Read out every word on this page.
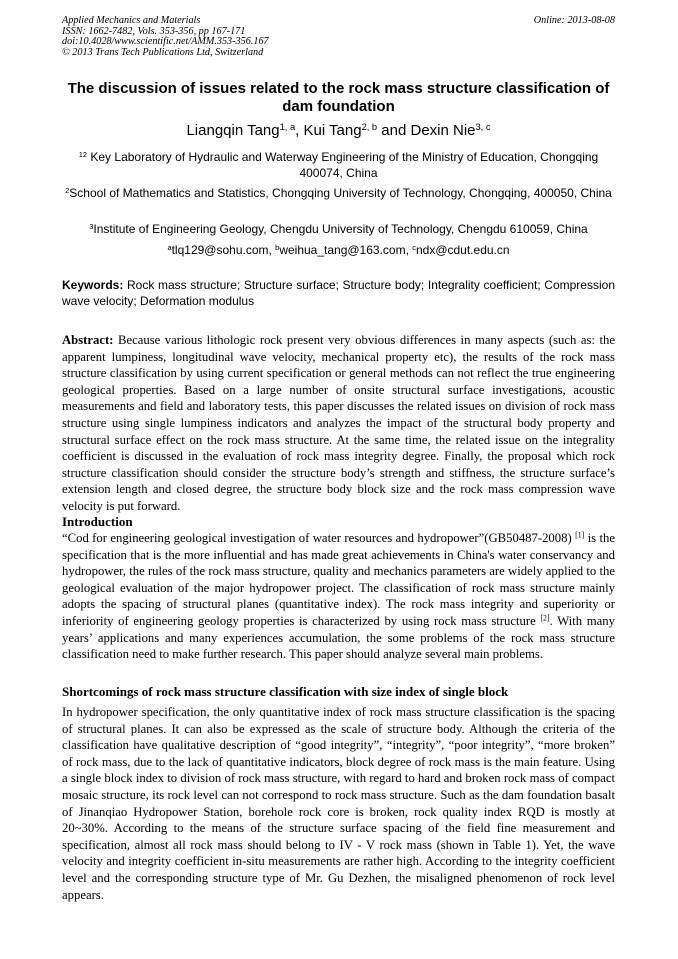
Applied Mechanics and Materials
ISSN: 1662-7482, Vols. 353-356, pp 167-171
doi:10.4028/www.scientific.net/AMM.353-356.167
© 2013 Trans Tech Publications Ltd, Switzerland
Online: 2013-08-08
The discussion of issues related to the rock mass structure classification of dam foundation
Liangqin Tang$^{1, a}$, Kui Tang$^{2, b}$ and Dexin Nie$^{3, c}$
$^{12}$ Key Laboratory of Hydraulic and Waterway Engineering of the Ministry of Education, Chongqing 400074, China
$^2$School of Mathematics and Statistics, Chongqing University of Technology, Chongqing, 400050, China
$^3$Institute of Engineering Geology, Chengdu University of Technology, Chengdu 610059, China
$^a$tlq129@sohu.com, $^b$weihua_tang@163.com, $^c$ndx@cdut.edu.cn
Keywords: Rock mass structure; Structure surface; Structure body; Integrality coefficient; Compression wave velocity; Deformation modulus
Abstract: Because various lithologic rock present very obvious differences in many aspects (such as: the apparent lumpiness, longitudinal wave velocity, mechanical property etc), the results of the rock mass structure classification by using current specification or general methods can not reflect the true engineering geological properties. Based on a large number of onsite structural surface investigations, acoustic measurements and field and laboratory tests, this paper discusses the related issues on division of rock mass structure using single lumpiness indicators and analyzes the impact of the structural body property and structural surface effect on the rock mass structure. At the same time, the related issue on the integrality coefficient is discussed in the evaluation of rock mass integrity degree. Finally, the proposal which rock structure classification should consider the structure body’s strength and stiffness, the structure surface’s extension length and closed degree, the structure body block size and the rock mass compression wave velocity is put forward.
Introduction
“Cod for engineering geological investigation of water resources and hydropower”(GB50487-2008) [1] is the specification that is the more influential and has made great achievements in China's water conservancy and hydropower, the rules of the rock mass structure, quality and mechanics parameters are widely applied to the geological evaluation of the major hydropower project. The classification of rock mass structure mainly adopts the spacing of structural planes (quantitative index). The rock mass integrity and superiority or inferiority of engineering geology properties is characterized by using rock mass structure [2]. With many years’ applications and many experiences accumulation, the some problems of the rock mass structure classification need to make further research. This paper should analyze several main problems.
Shortcomings of rock mass structure classification with size index of single block
In hydropower specification, the only quantitative index of rock mass structure classification is the spacing of structural planes. It can also be expressed as the scale of structure body. Although the criteria of the classification have qualitative description of “good integrity”, “integrity”, “poor integrity”, “more broken” of rock mass, due to the lack of quantitative indicators, block degree of rock mass is the main feature. Using a single block index to division of rock mass structure, with regard to hard and broken rock mass of compact mosaic structure, its rock level can not correspond to rock mass structure. Such as the dam foundation basalt of Jinanqiao Hydropower Station, borehole rock core is broken, rock quality index RQD is mostly at 20~30%. According to the means of the structure surface spacing of the field fine measurement and specification, almost all rock mass should belong to IV - V rock mass (shown in Table 1). Yet, the wave velocity and integrity coefficient in-situ measurements are rather high. According to the integrity coefficient level and the corresponding structure type of Mr. Gu Dezhen, the misaligned phenomenon of rock level appears.
